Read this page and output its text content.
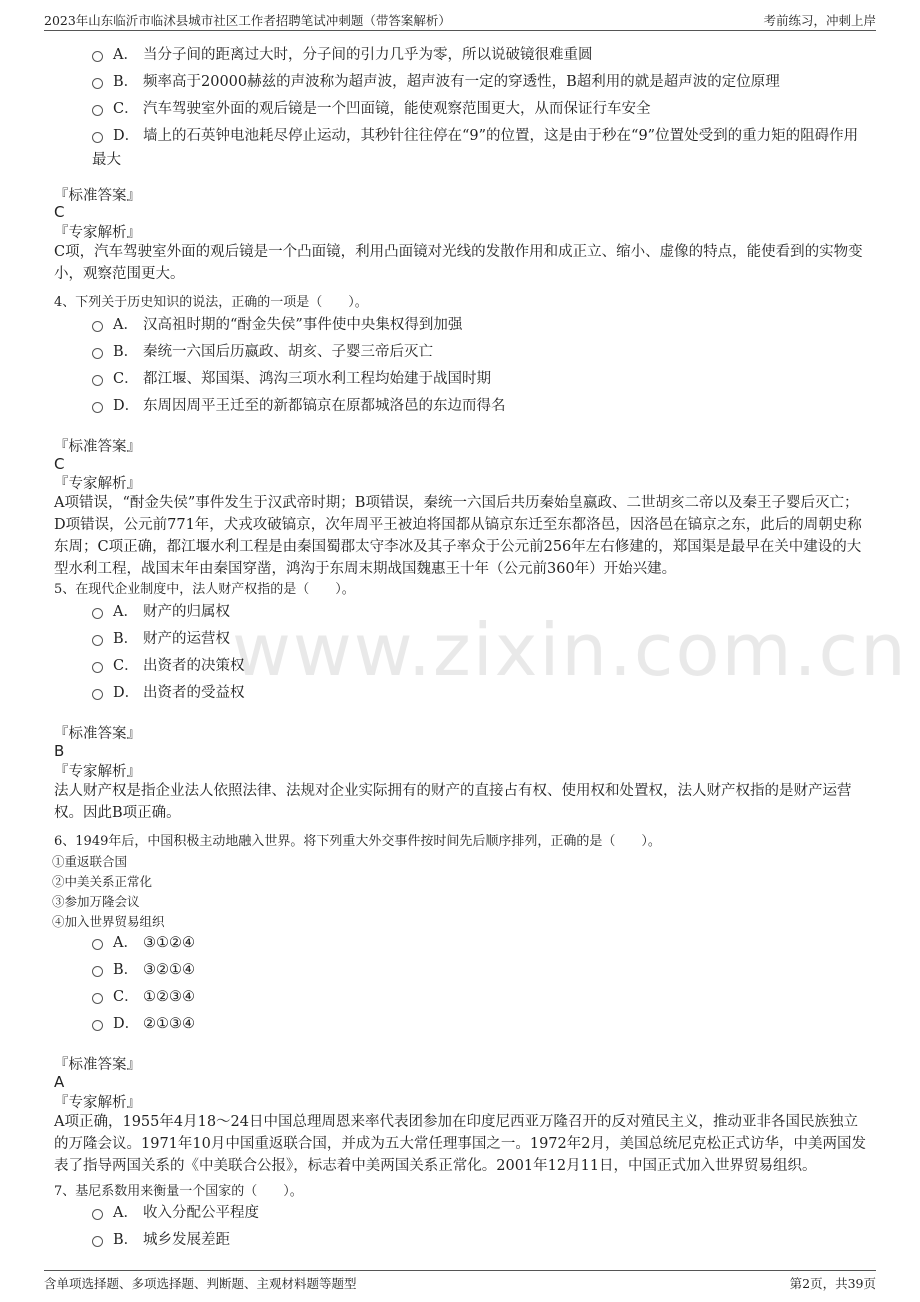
2023年山东临沂市临沭县城市社区工作者招聘笔试冲刺题（带答案解析）	考前练习，冲刺上岸
www.zixin.com.cn
A． 当分子间的距离过大时，分子间的引力几乎为零，所以说破镜很难重圆
B． 频率高于20000赫兹的声波称为超声波，超声波有一定的穿透性，B超利用的就是超声波的定位原理
C． 汽车驾驶室外面的观后镜是一个凹面镜，能使观察范围更大，从而保证行车安全
D． 墙上的石英钟电池耗尽停止运动，其秒针往往停在“9”的位置，这是由于秒在“9”位置处受到的重力矩的阻碍作用最大
『标准答案』
C
『专家解析』
C项，汽车驾驶室外面的观后镜是一个凸面镜，利用凸面镜对光线的发散作用和成正立、缩小、虚像的特点，能使看到的实物变小，观察范围更大。
4、下列关于历史知识的说法，正确的一项是（　　）。
A． 汉高祖时期的“酎金失侯”事件使中央集权得到加强
B． 秦统一六国后历嬴政、胡亥、子婴三帝后灭亡
C． 都江堰、郑国渠、鸿沟三项水利工程均始建于战国时期
D． 东周因周平王迁至的新都镐京在原都城洛邑的东边而得名
『标准答案』
C
『专家解析』
A项错误，“酎金失侯”事件发生于汉武帝时期；B项错误，秦统一六国后共历秦始皇嬴政、二世胡亥二帝以及秦王子婴后灭亡；D项错误，公元前771年，犬戎攻破镐京，次年周平王被迫将国都从镐京东迁至东都洛邑，因洛邑在镐京之东，此后的周朝史称东周；C项正确，都江堰水利工程是由秦国蜀郡太守李冰及其子率众于公元前256年左右修建的，郑国渠是最早在关中建设的大型水利工程，战国末年由秦国穿凿，鸿沟于东周末期战国魏惠王十年（公元前360年）开始兴建。
5、在现代企业制度中，法人财产权指的是（　　）。
A． 财产的归属权
B． 财产的运营权
C． 出资者的决策权
D． 出资者的受益权
『标准答案』
B
『专家解析』
法人财产权是指企业法人依照法律、法规对企业实际拥有的财产的直接占有权、使用权和处置权，法人财产权指的是财产运营权。因此B项正确。
6、1949年后，中国积极主动地融入世界。将下列重大外交事件按时间先后顺序排列，正确的是（　　）。
①重返联合国
②中美关系正常化
③参加万隆会议
④加入世界贸易组织
A． ③①②④
B． ③②①④
C． ①②③④
D． ②①③④
『标准答案』
A
『专家解析』
A项正确，1955年4月18～24日中国总理周恩来率代表团参加在印度尼西亚万隆召开的反对殖民主义，推动亚非各国民族独立的万隆会议。1971年10月中国重返联合国，并成为五大常任理事国之一。1972年2月，美国总统尼克松正式访华，中美两国发表了指导两国关系的《中美联合公报》，标志着中美两国关系正常化。2001年12月11日，中国正式加入世界贸易组织。
7、基尼系数用来衡量一个国家的（　　）。
A． 收入分配公平程度
B． 城乡发展差距
含单项选择题、多项选择题、判断题、主观材料题等题型	第2页，共39页
